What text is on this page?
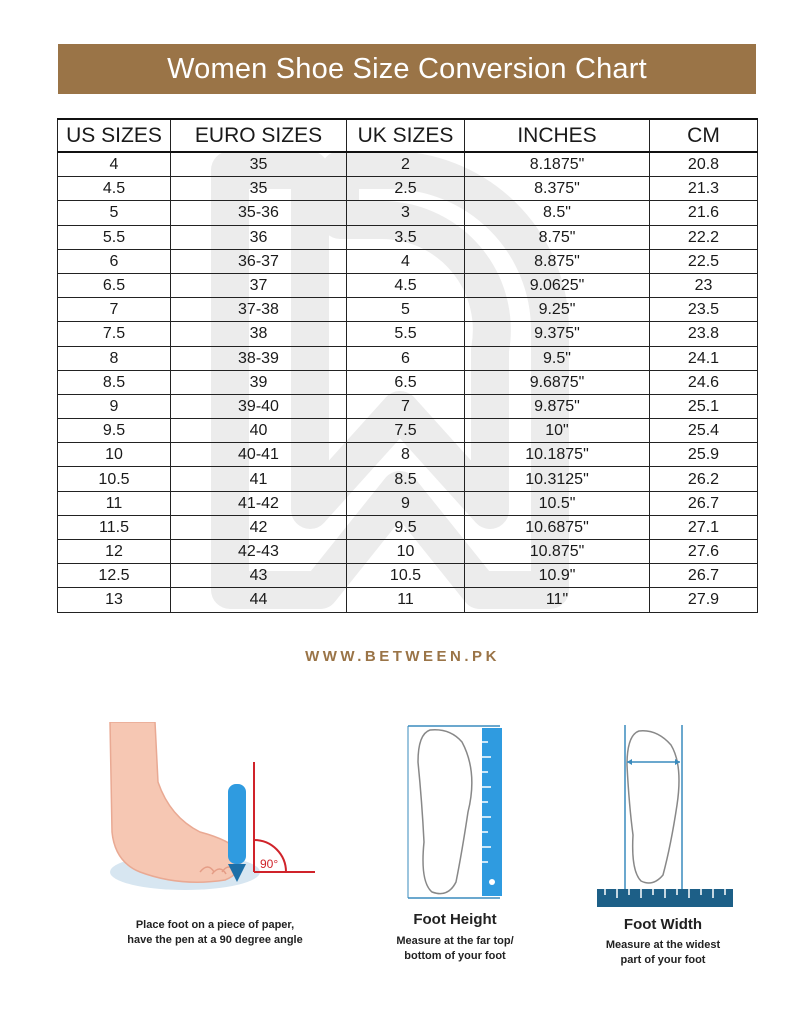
Women Shoe Size Conversion Chart
US SIZES	EURO SIZES	UK SIZES	INCHES	CM
4	35	2	8.1875"	20.8
4.5	35	2.5	8.375"	21.3
5	35-36	3	8.5"	21.6
5.5	36	3.5	8.75"	22.2
6	36-37	4	8.875"	22.5
6.5	37	4.5	9.0625"	23
7	37-38	5	9.25"	23.5
7.5	38	5.5	9.375"	23.8
8	38-39	6	9.5"	24.1
8.5	39	6.5	9.6875"	24.6
9	39-40	7	9.875"	25.1
9.5	40	7.5	10"	25.4
10	40-41	8	10.1875"	25.9
10.5	41	8.5	10.3125"	26.2
11	41-42	9	10.5"	26.7
11.5	42	9.5	10.6875"	27.1
12	42-43	10	10.875"	27.6
12.5	43	10.5	10.9"	26.7
13	44	11	11"	27.9
WWW.BETWEEN.PK
90°
Place foot on a piece of paper,
have the pen at a 90 degree angle
Foot Height
Measure at the far top/
bottom of your foot
Foot Width
Measure at the widest
part of your foot
